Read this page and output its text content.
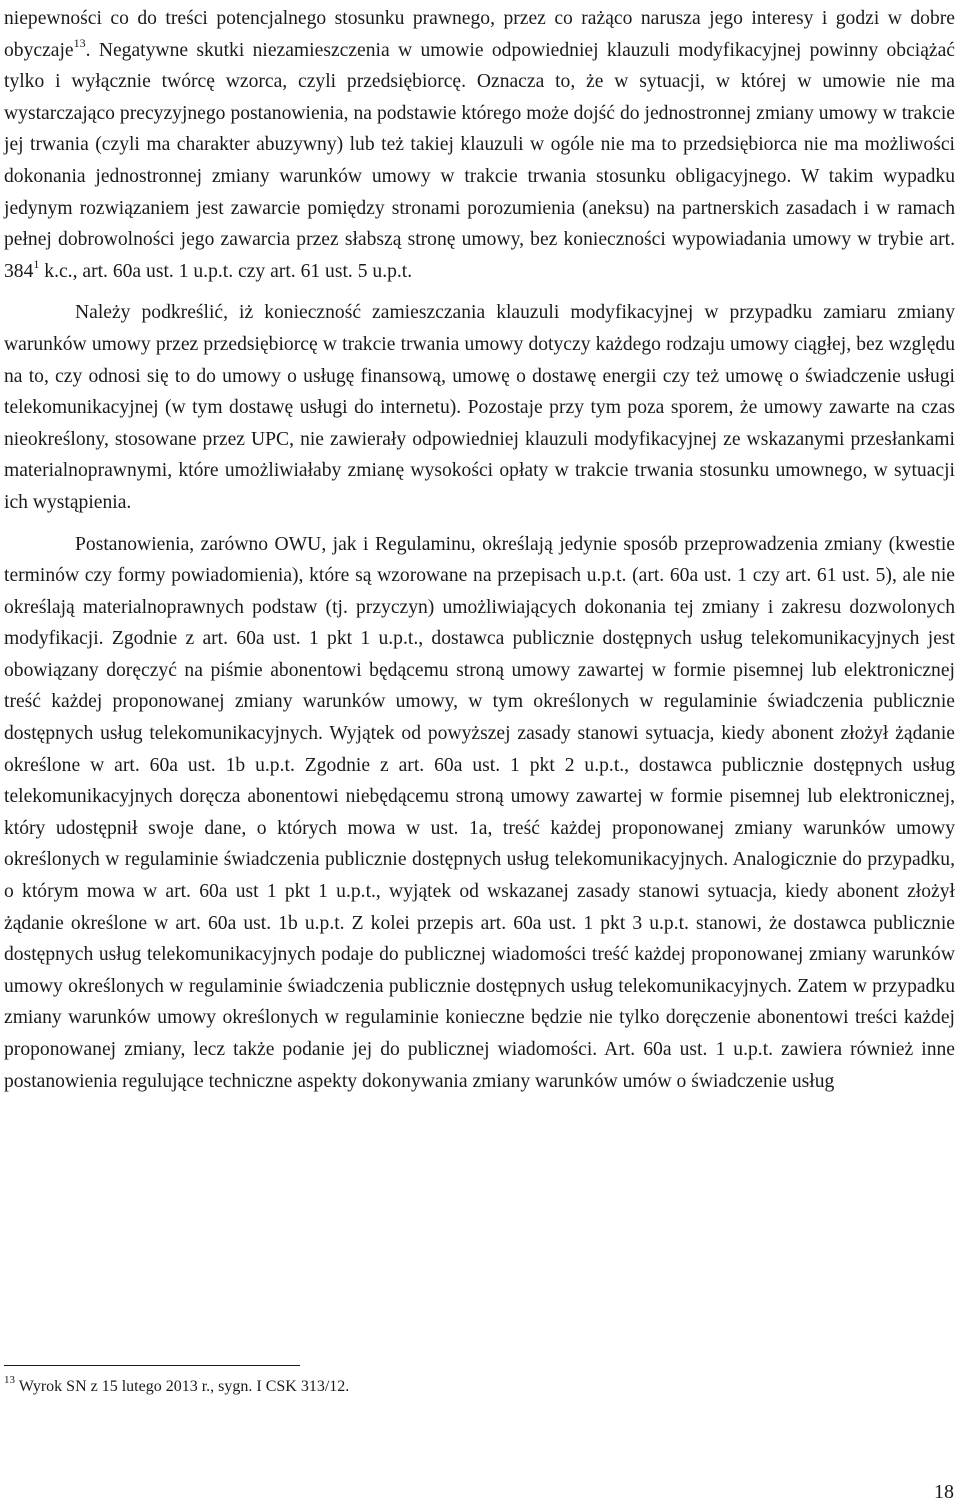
niepewności co do treści potencjalnego stosunku prawnego, przez co rażąco narusza jego interesy i godzi w dobre obyczaje$^{13}$. Negatywne skutki niezamieszczenia w umowie odpowiedniej klauzuli modyfikacyjnej powinny obciążać tylko i wyłącznie twórcę wzorca, czyli przedsiębiorcę. Oznacza to, że w sytuacji, w której w umowie nie ma wystarczająco precyzyjnego postanowienia, na podstawie którego może dojść do jednostronnej zmiany umowy w trakcie jej trwania (czyli ma charakter abuzywny) lub też takiej klauzuli w ogóle nie ma to przedsiębiorca nie ma możliwości dokonania jednostronnej zmiany warunków umowy w trakcie trwania stosunku obligacyjnego. W takim wypadku jedynym rozwiązaniem jest zawarcie pomiędzy stronami porozumienia (aneksu) na partnerskich zasadach i w ramach pełnej dobrowolności jego zawarcia przez słabszą stronę umowy, bez konieczności wypowiadania umowy w trybie art. $384^1$ k.c., art. 60a ust. 1 u.p.t. czy art. 61 ust. 5 u.p.t.

Należy podkreślić, iż konieczność zamieszczania klauzuli modyfikacyjnej w przypadku zamiaru zmiany warunków umowy przez przedsiębiorcę w trakcie trwania umowy dotyczy każdego rodzaju umowy ciągłej, bez względu na to, czy odnosi się to do umowy o usługę finansową, umowę o dostawę energii czy też umowę o świadczenie usługi telekomunikacyjnej (w tym dostawę usługi do internetu). Pozostaje przy tym poza sporem, że umowy zawarte na czas nieokreślony, stosowane przez UPC, nie zawierały odpowiedniej klauzuli modyfikacyjnej ze wskazanymi przesłankami materialnoprawnymi, które umożliwiałaby zmianę wysokości opłaty w trakcie trwania stosunku umownego, w sytuacji ich wystąpienia.

Postanowienia, zarówno OWU, jak i Regulaminu, określają jedynie sposób przeprowadzenia zmiany (kwestie terminów czy formy powiadomienia), które są wzorowane na przepisach u.p.t. (art. 60a ust. 1 czy art. 61 ust. 5), ale nie określają materialnoprawnych podstaw (tj. przyczyn) umożliwiających dokonania tej zmiany i zakresu dozwolonych modyfikacji. Zgodnie z art. 60a ust. 1 pkt 1 u.p.t., dostawca publicznie dostępnych usług telekomunikacyjnych jest obowiązany doręczyć na piśmie abonentowi będącemu stroną umowy zawartej w formie pisemnej lub elektronicznej treść każdej proponowanej zmiany warunków umowy, w tym określonych w regulaminie świadczenia publicznie dostępnych usług telekomunikacyjnych. Wyjątek od powyższej zasady stanowi sytuacja, kiedy abonent złożył żądanie określone w art. 60a ust. 1b u.p.t. Zgodnie z art. 60a ust. 1 pkt 2 u.p.t., dostawca publicznie dostępnych usług telekomunikacyjnych doręcza abonentowi niebędącemu stroną umowy zawartej w formie pisemnej lub elektronicznej, który udostępnił swoje dane, o których mowa w ust. 1a, treść każdej proponowanej zmiany warunków umowy określonych w regulaminie świadczenia publicznie dostępnych usług telekomunikacyjnych. Analogicznie do przypadku, o którym mowa w art. 60a ust 1 pkt 1 u.p.t., wyjątek od wskazanej zasady stanowi sytuacja, kiedy abonent złożył żądanie określone w art. 60a ust. 1b u.p.t. Z kolei przepis art. 60a ust. 1 pkt 3 u.p.t. stanowi, że dostawca publicznie dostępnych usług telekomunikacyjnych podaje do publicznej wiadomości treść każdej proponowanej zmiany warunków umowy określonych w regulaminie świadczenia publicznie dostępnych usług telekomunikacyjnych. Zatem w przypadku zmiany warunków umowy określonych w regulaminie konieczne będzie nie tylko doręczenie abonentowi treści każdej proponowanej zmiany, lecz także podanie jej do publicznej wiadomości. Art. 60a ust. 1 u.p.t. zawiera również inne postanowienia regulujące techniczne aspekty dokonywania zmiany warunków umów o świadczenie usług

$^{13}$ Wyrok SN z 15 lutego 2013 r., sygn. I CSK 313/12.

18
